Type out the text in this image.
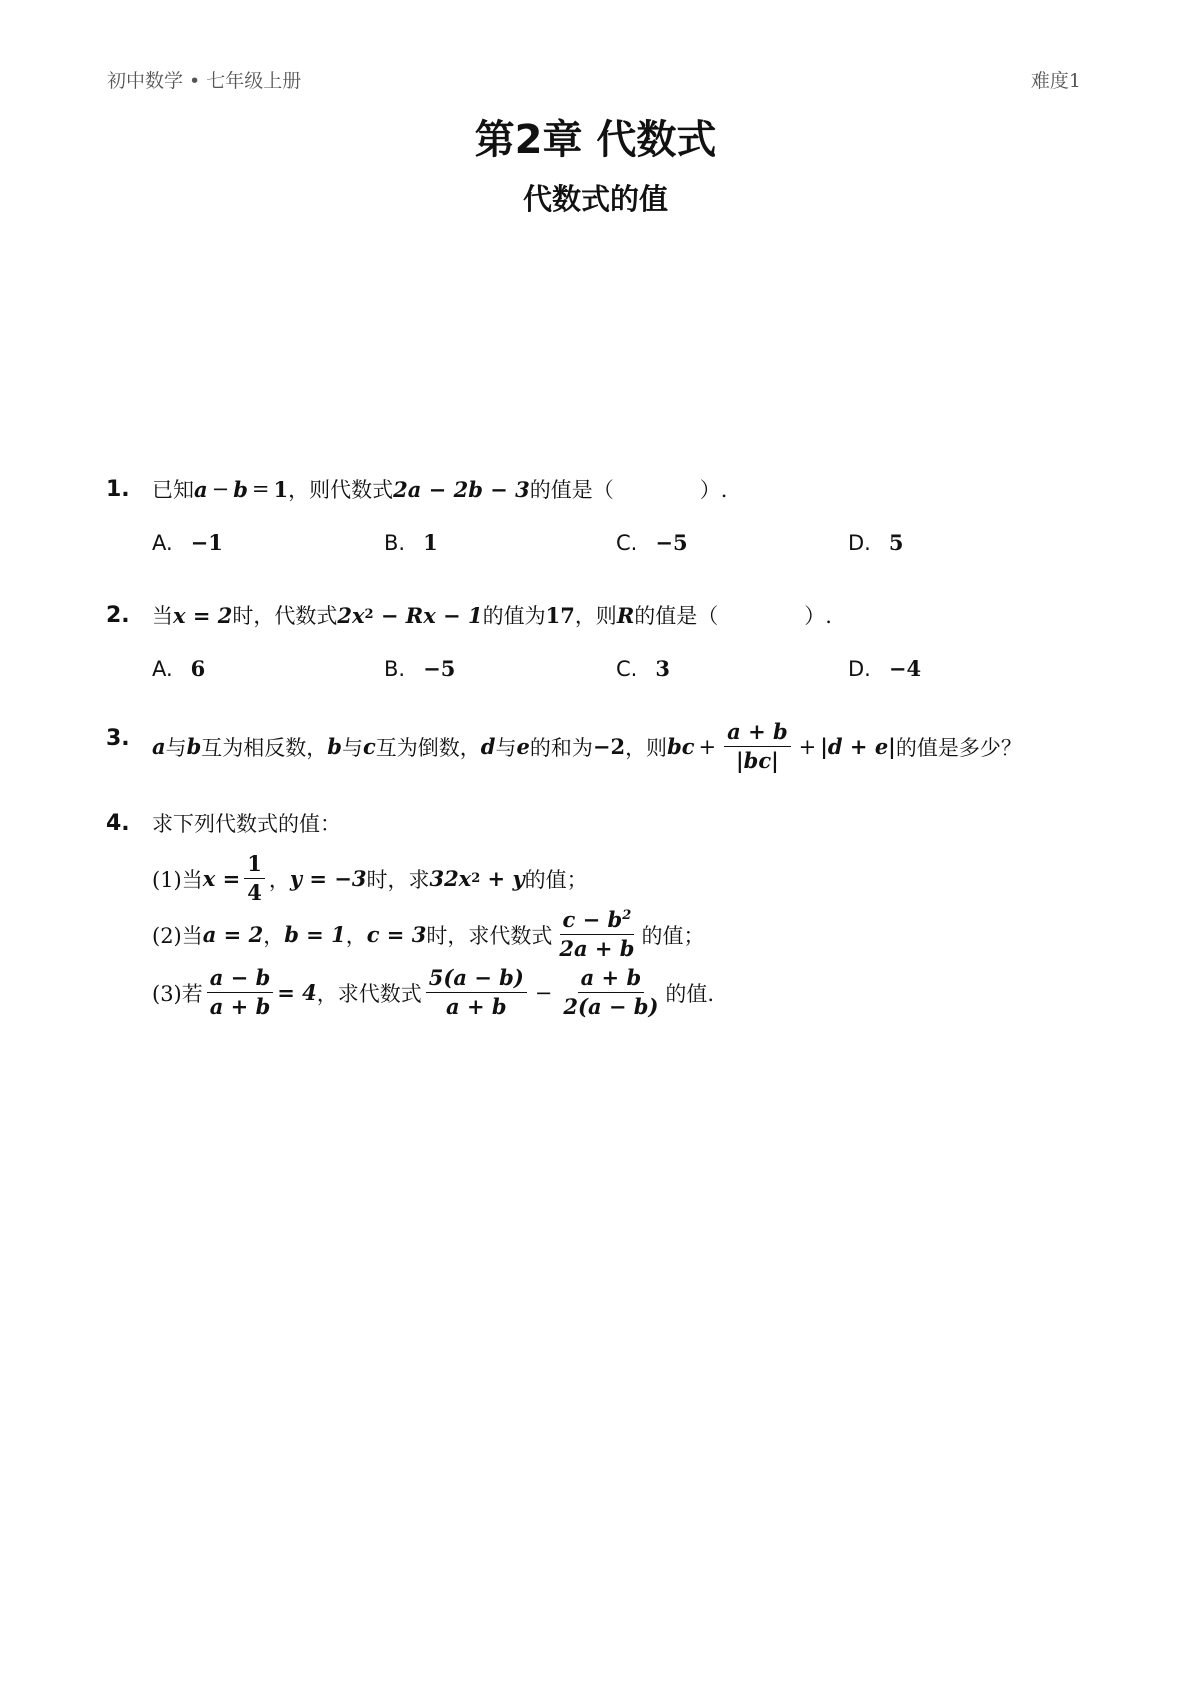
初中数学 • 七年级上册	难度1
第2章 代数式
代数式的值
1.	已知 a − b = 1 ，则代数式 2a − 2b − 3 的值是（	）.
A. −1	B. 1	C. −5	D. 5
2.	当 x = 2 时，代数式 2x 2 − Rx − 1 的值为 17 ，则 R 的值是（	）.
A. 6	B. −5	C. 3	D. −4
3.	a 与 b 互为相反数， b 与 c 互为倒数， d 与 e 的和为 −2 ，则 bc + $\frac{a + b}{|bc|} + |d + e|$ 的值是多少？
4.	求下列代数式的值：
(1)当 $x = \frac{1}{4}$ ， y = −3 时，求 32x 2 + y 的值；
(2)当 a = 2 ， b = 1 ， c = 3 时，求代数式 $\frac{c - b^2}{2a + b}$ 的值；
(3)若 $\frac{a - b}{a + b} = 4$ ，求代数式 $\frac{5(a - b)}{a + b} - \frac{a + b}{2(a - b)}$ 的值.
